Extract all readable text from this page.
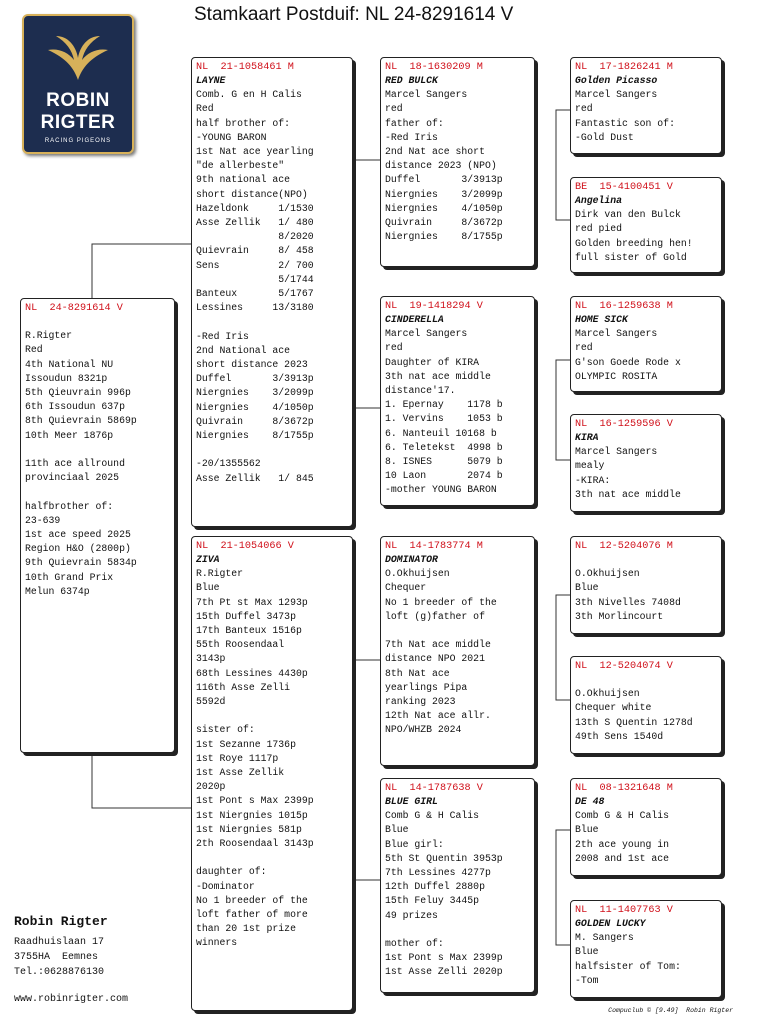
Stamkaart Postduif: NL 24-8291614 V
ROBIN
RIGTER
RACING PIGEONS
NL  24-8291614 V

R.Rigter
Red
4th National NU
Issoudun 8321p
5th Qieuvrain 996p
6th Issoudun 637p
8th Quievrain 5869p
10th Meer 1876p

11th ace allround
provinciaal 2025

halfbrother of:
23-639
1st ace speed 2025
Region H&O (2800p)
9th Quievrain 5834p
10th Grand Prix
Melun 6374p
NL  21-1058461 M
LAYNE
Comb. G en H Calis
Red
half brother of:
-YOUNG BARON
1st Nat ace yearling
"de allerbeste"
9th national ace
short distance(NPO)
Hazeldonk     1/1530
Asse Zellik   1/ 480
8/2020
Quievrain     8/ 458
Sens          2/ 700
5/1744
Banteux       5/1767
Lessines     13/3180

-Red Iris
2nd National ace
short distance 2023
Duffel       3/3913p
Niergnies    3/2099p
Niergnies    4/1050p
Quivrain     8/3672p
Niergnies    8/1755p

-20/1355562
Asse Zellik   1/ 845
NL  21-1054066 V
ZIVA
R.Rigter
Blue
7th Pt st Max 1293p
15th Duffel 3473p
17th Banteux 1516p
55th Roosendaal
3143p
68th Lessines 4430p
116th Asse Zelli
5592d

sister of:
1st Sezanne 1736p
1st Roye 1117p
1st Asse Zellik
2020p
1st Pont s Max 2399p
1st Niergnies 1015p
1st Niergnies 581p
2th Roosendaal 3143p

daughter of:
-Dominator
No 1 breeder of the
loft father of more
than 20 1st prize
winners
NL  18-1630209 M
RED BULCK
Marcel Sangers
red
father of:
-Red Iris
2nd Nat ace short
distance 2023 (NPO)
Duffel       3/3913p
Niergnies    3/2099p
Niergnies    4/1050p
Quivrain     8/3672p
Niergnies    8/1755p
NL  19-1418294 V
CINDERELLA
Marcel Sangers
red
Daughter of KIRA
3th nat ace middle
distance'17.
1. Epernay    1178 b
1. Vervins    1053 b
6. Nanteuil 10168 b
6. Teletekst  4998 b
8. ISNES      5079 b
10 Laon       2074 b
-mother YOUNG BARON
NL  14-1783774 M
DOMINATOR
O.Okhuijsen
Chequer
No 1 breeder of the
loft (g)father of

7th Nat ace middle
distance NPO 2021
8th Nat ace
yearlings Pipa
ranking 2023
12th Nat ace allr.
NPO/WHZB 2024
NL  14-1787638 V
BLUE GIRL
Comb G & H Calis
Blue
Blue girl:
5th St Quentin 3953p
7th Lessines 4277p
12th Duffel 2880p
15th Feluy 3445p
49 prizes

mother of:
1st Pont s Max 2399p
1st Asse Zelli 2020p
NL  17-1826241 M
Golden Picasso
Marcel Sangers
red
Fantastic son of:
-Gold Dust
BE  15-4100451 V
Angelina
Dirk van den Bulck
red pied
Golden breeding hen!
full sister of Gold
NL  16-1259638 M
HOME SICK
Marcel Sangers
red
G'son Goede Rode x
OLYMPIC ROSITA
NL  16-1259596 V
KIRA
Marcel Sangers
mealy
-KIRA:
3th nat ace middle
NL  12-5204076 M

O.Okhuijsen
Blue
3th Nivelles 7408d
3th Morlincourt
NL  12-5204074 V

O.Okhuijsen
Chequer white
13th S Quentin 1278d
49th Sens 1540d
NL  08-1321648 M
DE 48
Comb G & H Calis
Blue
2th ace young in
2008 and 1st ace
NL  11-1407763 V
GOLDEN LUCKY
M. Sangers
Blue
halfsister of Tom:
-Tom
Robin Rigter
Raadhuislaan 17
3755HA  Eemnes
Tel.:0628876130
www.robinrigter.com
Compuclub © [9.49]  Robin Rigter
